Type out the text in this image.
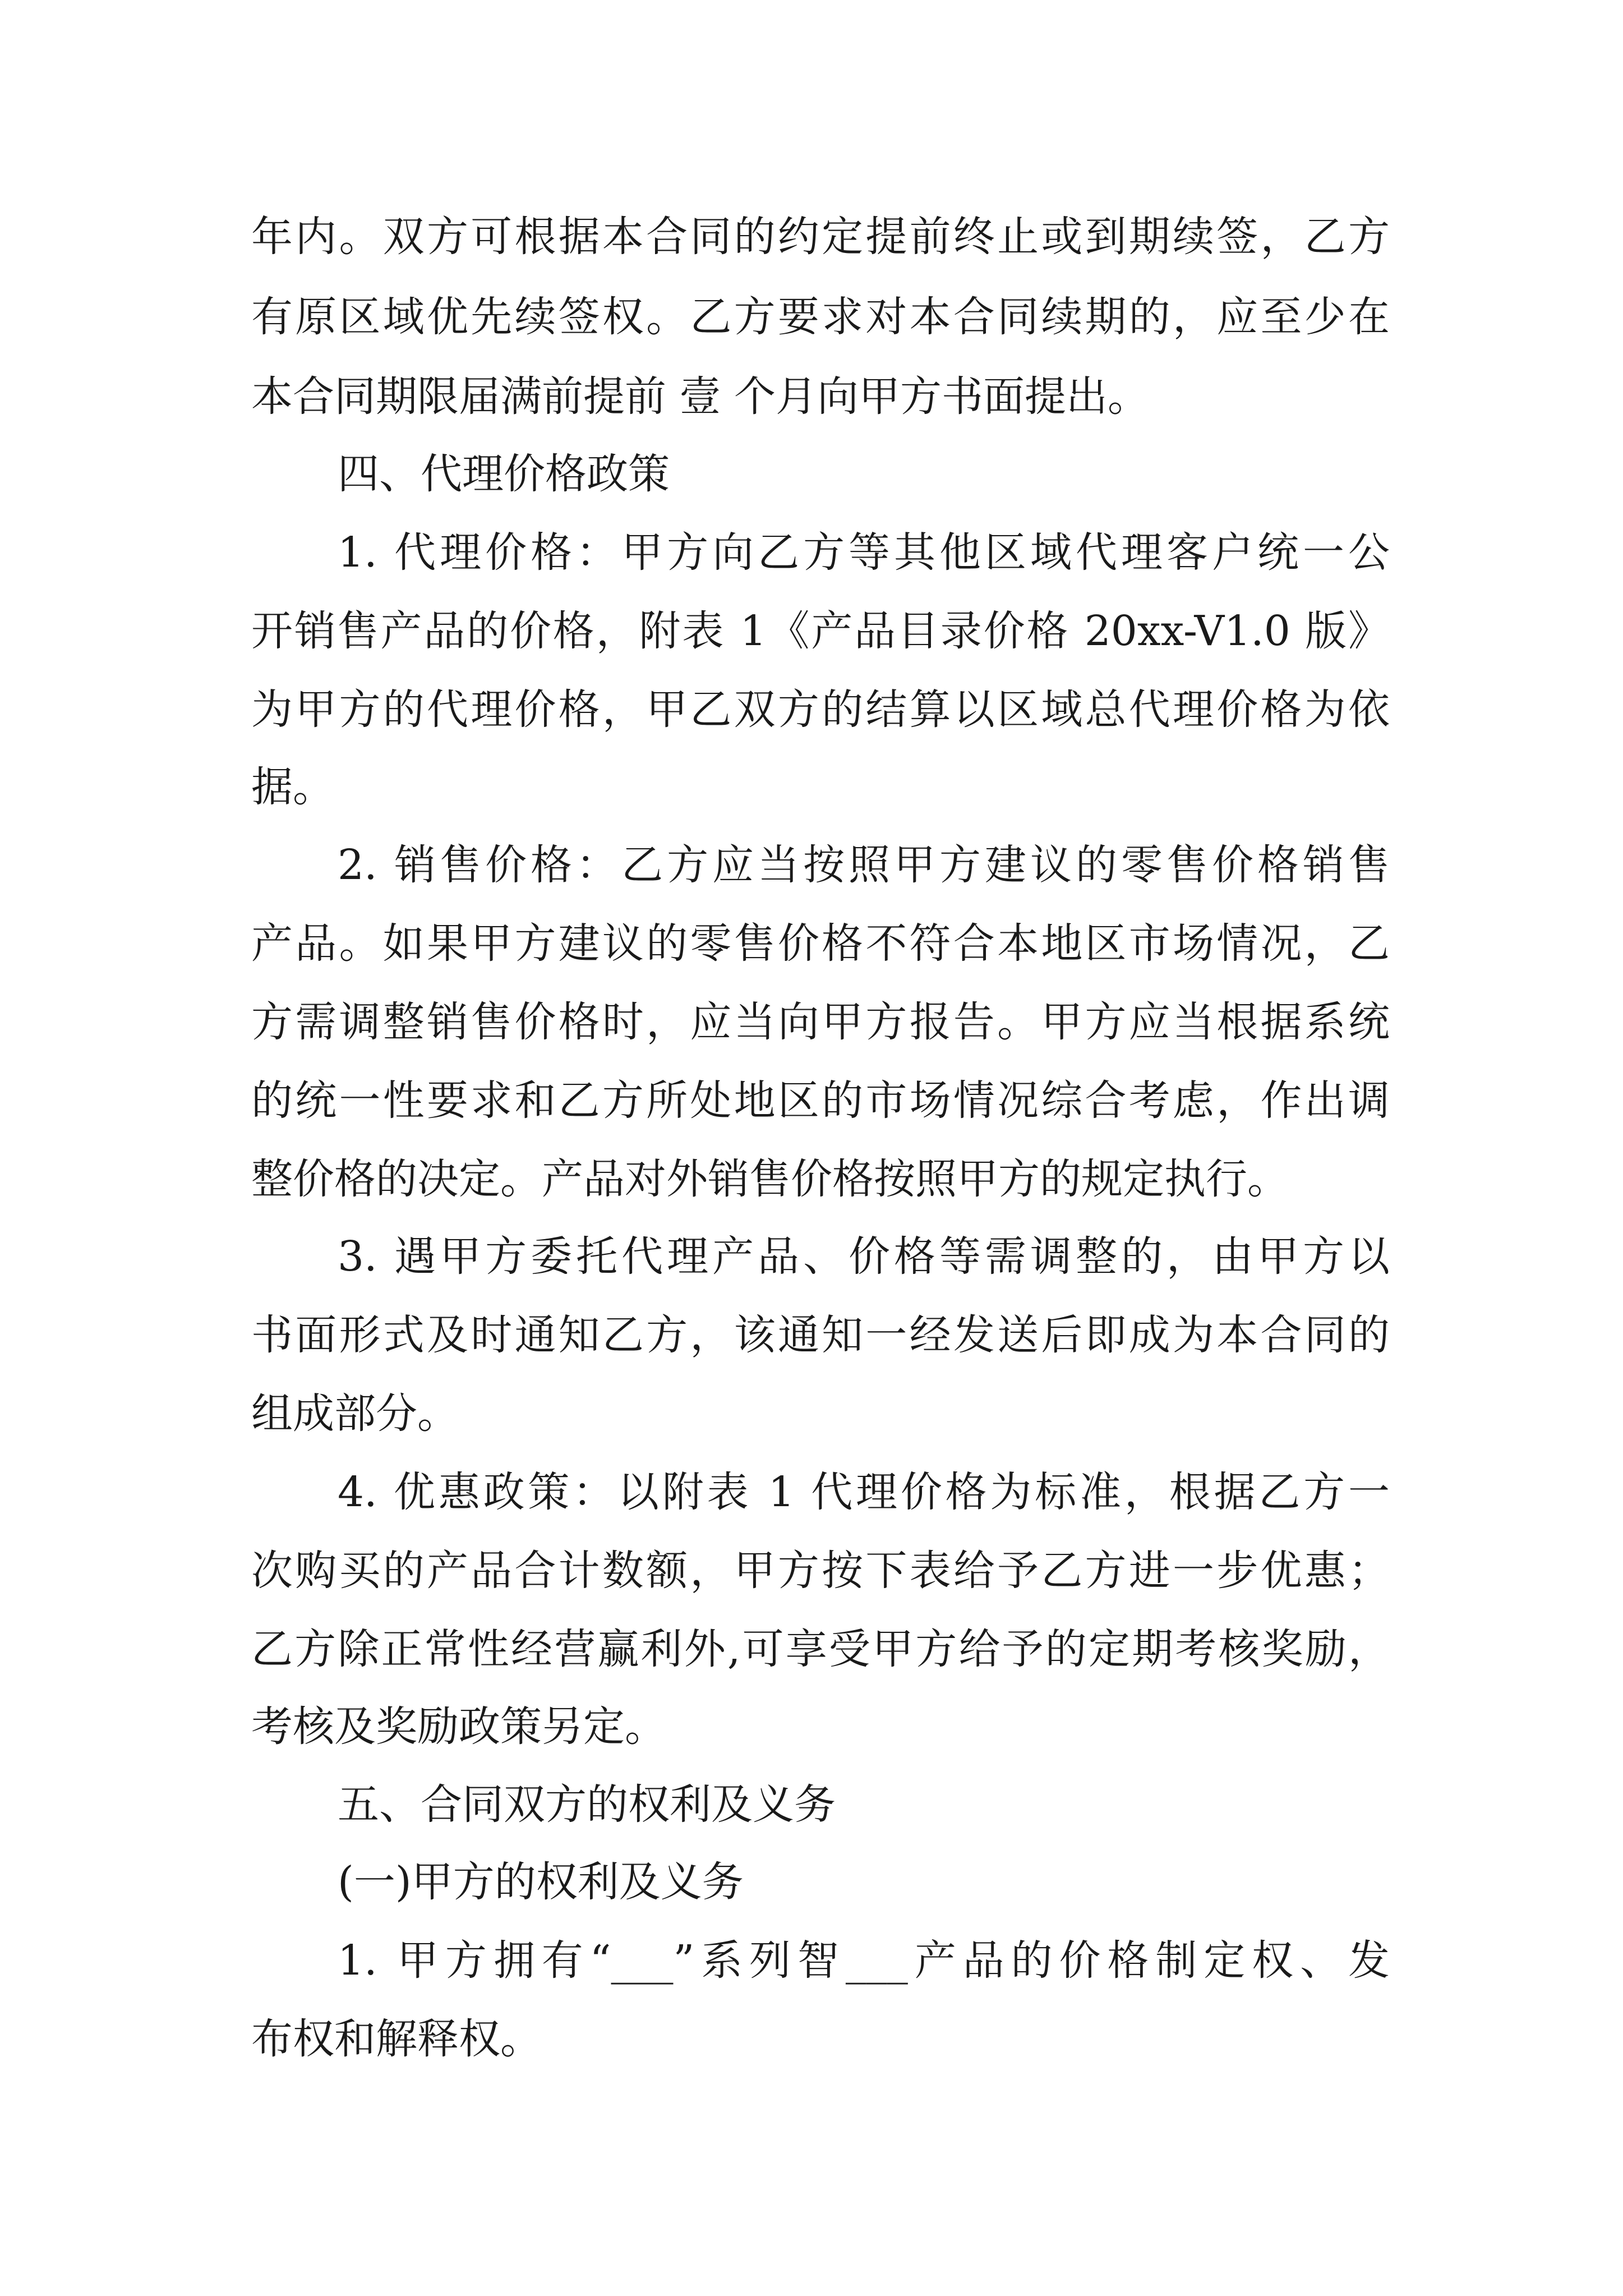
年内。双方可根据本合同的约定提前终止或到期续签，乙方
有原区域优先续签权。乙方要求对本合同续期的，应至少在
本合同期限届满前提前 壹 个月向甲方书面提出。
四、代理价格政策
1. 代理价格：甲方向乙方等其他区域代理客户统一公
开销售产品的价格，附表 1《产品目录价格 20xx-V1.0 版》
为甲方的代理价格，甲乙双方的结算以区域总代理价格为依
据。
2. 销售价格：乙方应当按照甲方建议的零售价格销售
产品。如果甲方建议的零售价格不符合本地区市场情况，乙
方需调整销售价格时，应当向甲方报告。甲方应当根据系统
的统一性要求和乙方所处地区的市场情况综合考虑，作出调
整价格的决定。产品对外销售价格按照甲方的规定执行。
3. 遇甲方委托代理产品、价格等需调整的，由甲方以
书面形式及时通知乙方，该通知一经发送后即成为本合同的
组成部分。
4. 优惠政策：以附表 1 代理价格为标准，根据乙方一
次购买的产品合计数额，甲方按下表给予乙方进一步优惠；
乙方除正常性经营赢利外,可享受甲方给予的定期考核奖励，
考核及奖励政策另定。
五、合同双方的权利及义务
(一)甲方的权利及义务
1. 甲方拥有“___”系列智___产品的价格制定权、发
布权和解释权。
